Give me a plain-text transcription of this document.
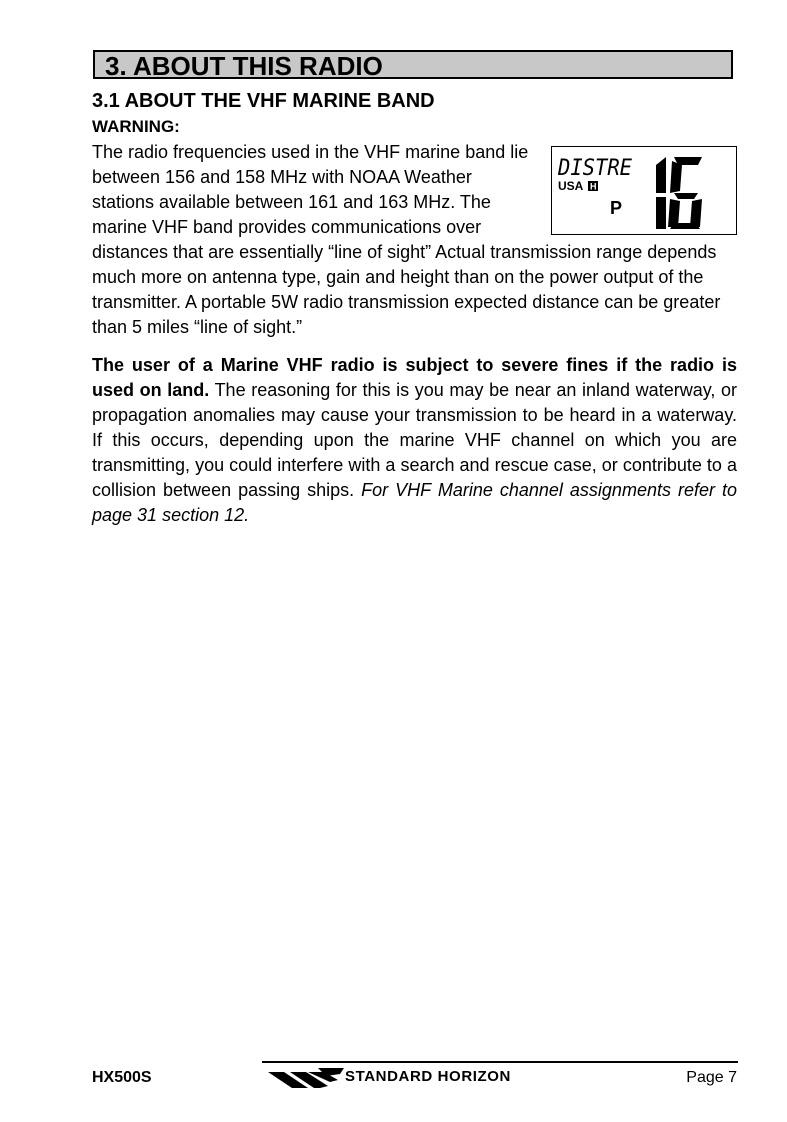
3. ABOUT THIS RADIO
3.1 ABOUT THE VHF MARINE BAND
WARNING:
DISTRE
USA H
P
16
The radio frequencies used in the VHF marine band lie between 156 and 158 MHz with NOAA Weather stations available between 161 and 163 MHz. The marine VHF band provides communications over distances that are essentially “line of sight” Actual transmission range depends much more on antenna type, gain and height than on the power output of the transmitter. A portable 5W radio transmission expected distance can be greater than 5 miles “line of sight.”

The user of a Marine VHF radio is subject to severe fines if the radio is used on land. The reasoning for this is you may be near an inland waterway, or propagation anomalies may cause your transmission to be heard in a waterway. If this occurs, depending upon the marine VHF channel on which you are transmitting, you could interfere with a search and rescue case, or contribute to a collision between passing ships. For VHF Marine channel assignments refer to page 31 section 12.

HX500S	STANDARD HORIZON	Page 7
